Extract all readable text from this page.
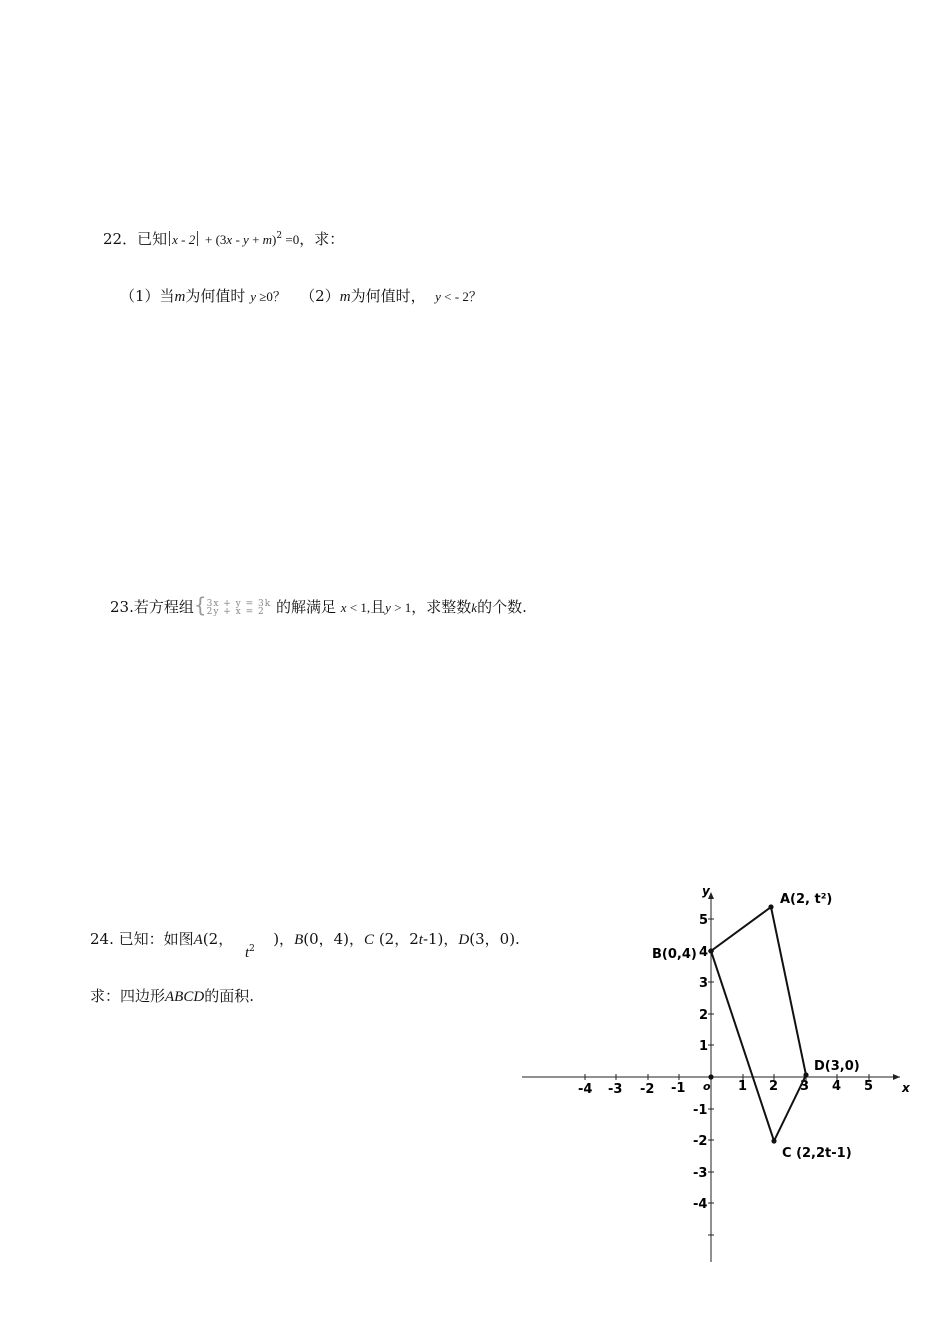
22．已知 $x - 2 + (3x - y + m)^2 =0$，求：
（1）当m为何值时 y ≥0？ （2）m为何值时， y < - 2？
23.若方程组{3x + y = 3k
2y + x = 2 的解满足 x < 1,且y > 1，求整数k的个数.
24. 已知：如图A(2，	)，B(0，4)，C (2，2t-1)，D(3，0).
$t^2$
求：四边形ABCD的面积.
x
y
o
-4 -3 -2 -1	1 2 3 4 5
5
4
3
2
1
-1
-2
-3
-4
A(2, t²)
B(0,4)
C (2,2t-1)
D(3,0)
